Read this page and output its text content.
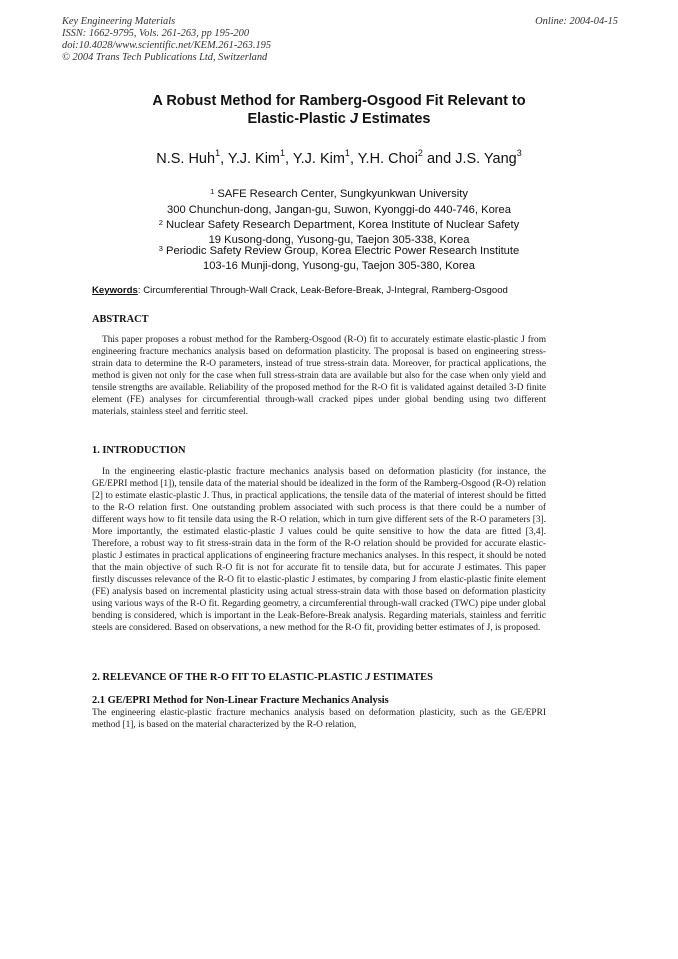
Key Engineering Materials
ISSN: 1662-9795, Vols. 261-263, pp 195-200
doi:10.4028/www.scientific.net/KEM.261-263.195
© 2004 Trans Tech Publications Ltd, Switzerland
Online: 2004-04-15
A Robust Method for Ramberg-Osgood Fit Relevant to
Elastic-Plastic J Estimates
N.S. Huh$^1$, Y.J. Kim$^1$, Y.J. Kim$^1$, Y.H. Choi$^2$ and J.S. Yang$^3$
$^1$ SAFE Research Center, Sungkyunkwan University
300 Chunchun-dong, Jangan-gu, Suwon, Kyonggi-do 440-746, Korea
$^2$ Nuclear Safety Research Department, Korea Institute of Nuclear Safety
19 Kusong-dong, Yusong-gu, Taejon 305-338, Korea
$^3$ Periodic Safety Review Group, Korea Electric Power Research Institute
103-16 Munji-dong, Yusong-gu, Taejon 305-380, Korea
Keywords: Circumferential Through-Wall Crack, Leak-Before-Break, J-Integral, Ramberg-Osgood
ABSTRACT
This paper proposes a robust method for the Ramberg-Osgood (R-O) fit to accurately estimate elastic-plastic J from engineering fracture mechanics analysis based on deformation plasticity. The proposal is based on engineering stress-strain data to determine the R-O parameters, instead of true stress-strain data. Moreover, for practical applications, the method is given not only for the case when full stress-strain data are available but also for the case when only yield and tensile strengths are available. Reliability of the proposed method for the R-O fit is validated against detailed 3-D finite element (FE) analyses for circumferential through-wall cracked pipes under global bending using two different materials, stainless steel and ferritic steel.
1. INTRODUCTION
In the engineering elastic-plastic fracture mechanics analysis based on deformation plasticity (for instance, the GE/EPRI method [1]), tensile data of the material should be idealized in the form of the Ramberg-Osgood (R-O) relation [2] to estimate elastic-plastic J. Thus, in practical applications, the tensile data of the material of interest should be fitted to the R-O relation first. One outstanding problem associated with such process is that there could be a number of different ways how to fit tensile data using the R-O relation, which in turn give different sets of the R-O parameters [3]. More importantly, the estimated elastic-plastic J values could be quite sensitive to how the data are fitted [3,4]. Therefore, a robust way to fit stress-strain data in the form of the R-O relation should be provided for accurate elastic-plastic J estimates in practical applications of engineering fracture mechanics analyses. In this respect, it should be noted that the main objective of such R-O fit is not for accurate fit to tensile data, but for accurate J estimates. This paper firstly discusses relevance of the R-O fit to elastic-plastic J estimates, by comparing J from elastic-plastic finite element (FE) analysis based on incremental plasticity using actual stress-strain data with those based on deformation plasticity using various ways of the R-O fit. Regarding geometry, a circumferential through-wall cracked (TWC) pipe under global bending is considered, which is important in the Leak-Before-Break analysis. Regarding materials, stainless and ferritic steels are considered. Based on observations, a new method for the R-O fit, providing better estimates of J, is proposed.
2. RELEVANCE OF THE R-O FIT TO ELASTIC-PLASTIC J ESTIMATES
2.1 GE/EPRI Method for Non-Linear Fracture Mechanics Analysis
The engineering elastic-plastic fracture mechanics analysis based on deformation plasticity, such as the GE/EPRI method [1], is based on the material characterized by the R-O relation,
